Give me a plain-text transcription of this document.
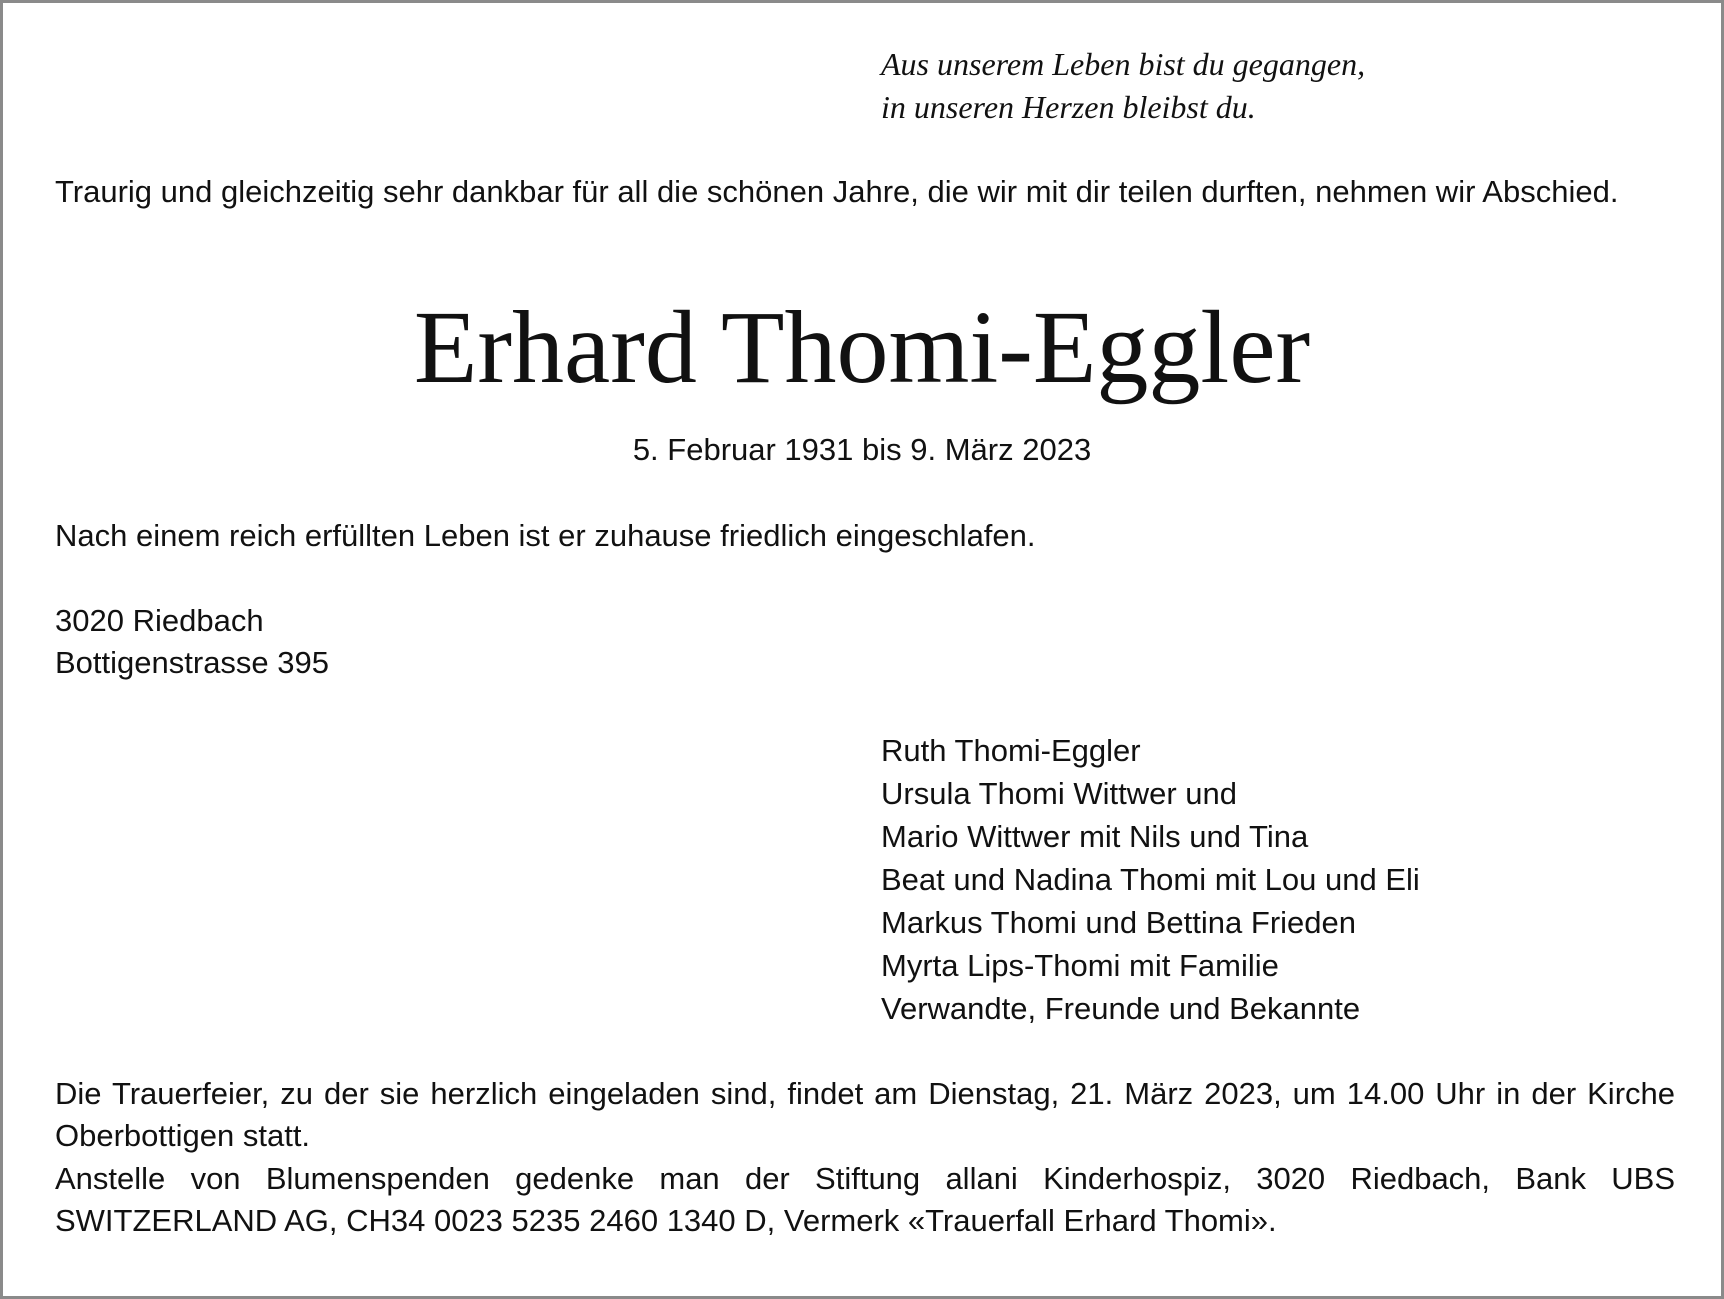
Aus unserem Leben bist du gegangen,
in unseren Herzen bleibst du.

Traurig und gleichzeitig sehr dankbar für all die schönen Jahre, die wir mit dir teilen durften, nehmen wir Abschied.

Erhard Thomi-Eggler

5. Februar 1931 bis 9. März 2023

Nach einem reich erfüllten Leben ist er zuhause friedlich eingeschlafen.

3020 Riedbach
Bottigenstrasse 395

Ruth Thomi-Eggler
Ursula Thomi Wittwer und
Mario Wittwer mit Nils und Tina
Beat und Nadina Thomi mit Lou und Eli
Markus Thomi und Bettina Frieden
Myrta Lips-Thomi mit Familie
Verwandte, Freunde und Bekannte

Die Trauerfeier, zu der sie herzlich eingeladen sind, findet am Dienstag, 21. März 2023, um 14.00 Uhr in der Kirche Oberbottigen statt.

Anstelle von Blumenspenden gedenke man der Stiftung allani Kinderhospiz, 3020 Riedbach, Bank UBS SWITZERLAND AG, CH34 0023 5235 2460 1340 D, Vermerk «Trauerfall Erhard Thomi».
